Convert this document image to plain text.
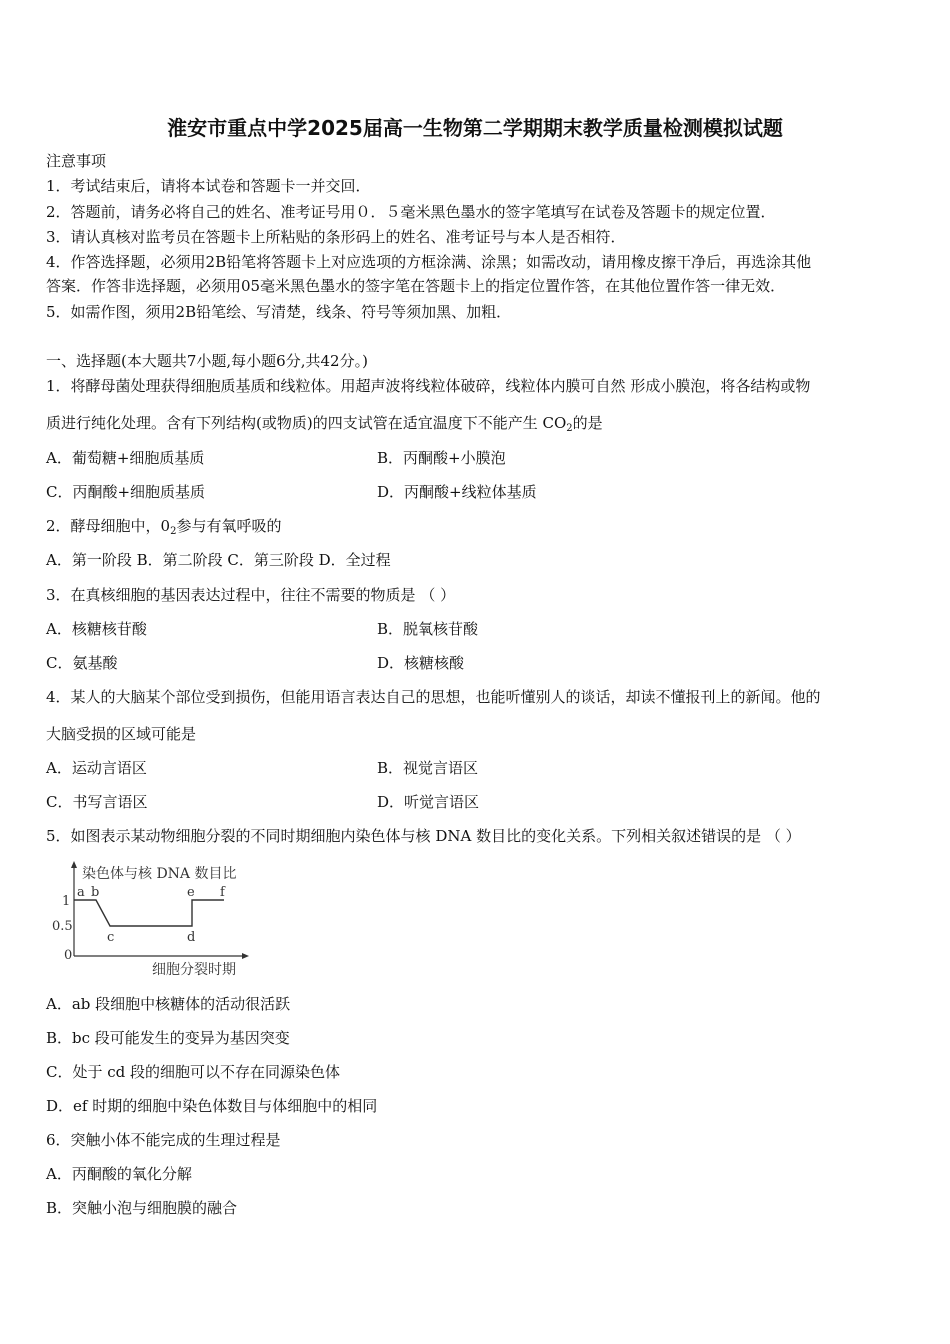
淮安市重点中学2025届高一生物第二学期期末教学质量检测模拟试题
注意事项
1．考试结束后，请将本试卷和答题卡一并交回．
2．答题前，请务必将自己的姓名、准考证号用０．５毫米黑色墨水的签字笔填写在试卷及答题卡的规定位置．
3．请认真核对监考员在答题卡上所粘贴的条形码上的姓名、准考证号与本人是否相符．
4．作答选择题，必须用2B铅笔将答题卡上对应选项的方框涂满、涂黑；如需改动，请用橡皮擦干净后，再选涂其他
答案．作答非选择题，必须用05毫米黑色墨水的签字笔在答题卡上的指定位置作答，在其他位置作答一律无效．
5．如需作图，须用2B铅笔绘、写清楚，线条、符号等须加黑、加粗．
一、选择题(本大题共7小题,每小题6分,共42分。)
1．将酵母菌处理获得细胞质基质和线粒体。用超声波将线粒体破碎，线粒体内膜可自然 形成小膜泡，将各结构或物
质进行纯化处理。含有下列结构(或物质)的四支试管在适宜温度下不能产生 $CO_2$的是
A．葡萄糖+细胞质基质	B．丙酮酸+小膜泡
C．丙酮酸+细胞质基质	D．丙酮酸+线粒体基质
2．酵母细胞中，$0_2$参与有氧呼吸的
A．第一阶段 B．第二阶段 C．第三阶段 D．全过程
3．在真核细胞的基因表达过程中，往往不需要的物质是 （ ）
A．核糖核苷酸	B．脱氧核苷酸
C．氨基酸	D．核糖核酸
4．某人的大脑某个部位受到损伤，但能用语言表达自己的思想，也能听懂别人的谈话，却读不懂报刊上的新闻。他的
大脑受损的区域可能是
A．运动言语区	B．视觉言语区
C．书写言语区	D．听觉言语区
5．如图表示某动物细胞分裂的不同时期细胞内染色体与核 DNA 数目比的变化关系。下列相关叙述错误的是 （ ）
染色体与核 DNA 数目比
细胞分裂时期
1
0.5
0
a b
c	d
e f
A．ab 段细胞中核糖体的活动很活跃
B．bc 段可能发生的变异为基因突变
C．处于 cd 段的细胞可以不存在同源染色体
D．ef 时期的细胞中染色体数目与体细胞中的相同
6．突触小体不能完成的生理过程是
A．丙酮酸的氧化分解
B．突触小泡与细胞膜的融合
